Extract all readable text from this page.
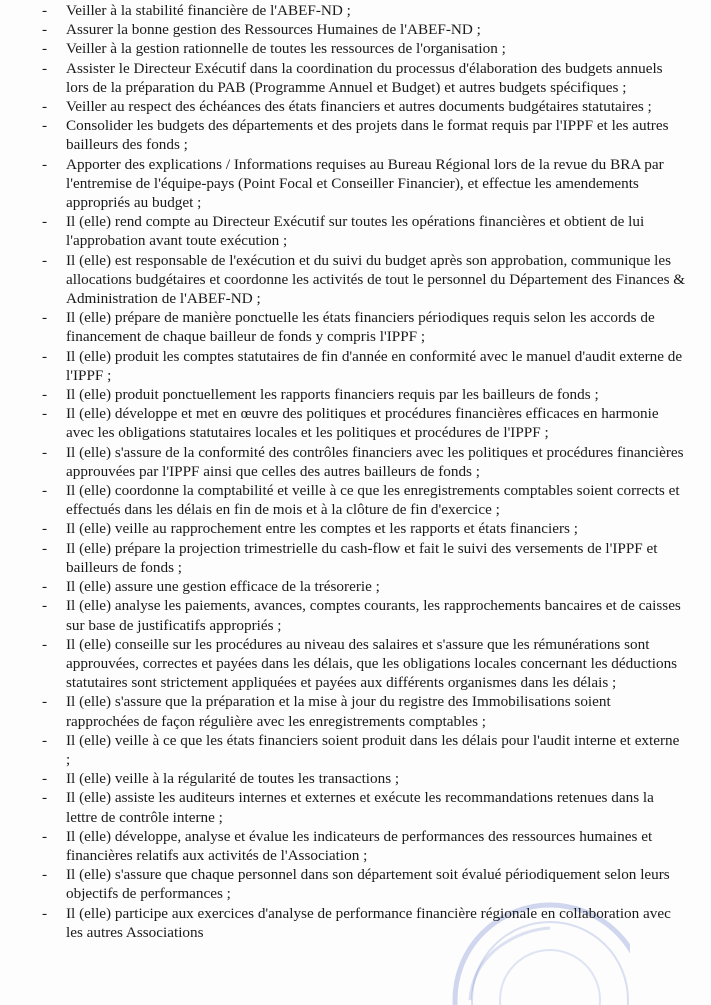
- Veiller à la stabilité financière de l'ABEF-ND ;
- Assurer la bonne gestion des Ressources Humaines de l'ABEF-ND ;
- Veiller à la gestion rationnelle de toutes les ressources de l'organisation ;
- Assister le Directeur Exécutif dans la coordination du processus d'élaboration des budgets annuels lors de la préparation du PAB (Programme Annuel et Budget) et autres budgets spécifiques ;
- Veiller au respect des échéances des états financiers et autres documents budgétaires statutaires ;
- Consolider les budgets des départements et des projets dans le format requis par l'IPPF et les autres bailleurs des fonds ;
- Apporter des explications / Informations requises au Bureau Régional lors de la revue du BRA par l'entremise de l'équipe-pays (Point Focal et Conseiller Financier), et effectue les amendements appropriés au budget ;
- Il (elle) rend compte au Directeur Exécutif sur toutes les opérations financières et obtient de lui l'approbation avant toute exécution ;
- Il (elle) est responsable de l'exécution et du suivi du budget après son approbation, communique les allocations budgétaires et coordonne les activités de tout le personnel du Département des Finances & Administration de l'ABEF-ND ;
- Il (elle) prépare de manière ponctuelle les états financiers périodiques requis selon les accords de financement de chaque bailleur de fonds y compris l'IPPF ;
- Il (elle) produit les comptes statutaires de fin d'année en conformité avec le manuel d'audit externe de l'IPPF ;
- Il (elle) produit ponctuellement les rapports financiers requis par les bailleurs de fonds ;
- Il (elle) développe et met en œuvre des politiques et procédures financières efficaces en harmonie avec les obligations statutaires locales et les politiques et procédures de l'IPPF ;
- Il (elle) s'assure de la conformité des contrôles financiers avec les politiques et procédures financières approuvées par l'IPPF ainsi que celles des autres bailleurs de fonds ;
- Il (elle) coordonne la comptabilité et veille à ce que les enregistrements comptables soient corrects et effectués dans les délais en fin de mois et à la clôture de fin d'exercice ;
- Il (elle) veille au rapprochement entre les comptes et les rapports et états financiers ;
- Il (elle) prépare la projection trimestrielle du cash-flow et fait le suivi des versements de l'IPPF et bailleurs de fonds ;
- Il (elle) assure une gestion efficace de la trésorerie ;
- Il (elle) analyse les paiements, avances, comptes courants, les rapprochements bancaires et de caisses sur base de justificatifs appropriés ;
- Il (elle) conseille sur les procédures au niveau des salaires et s'assure que les rémunérations sont approuvées, correctes et payées dans les délais, que les obligations locales concernant les déductions statutaires sont strictement appliquées et payées aux différents organismes dans les délais ;
- Il (elle) s'assure que la préparation et la mise à jour du registre des Immobilisations soient rapprochées de façon régulière avec les enregistrements comptables ;
- Il (elle) veille à ce que les états financiers soient produit dans les délais pour l'audit interne et externe ;
- Il (elle) veille à la régularité de toutes les transactions ;
- Il (elle) assiste les auditeurs internes et externes et exécute les recommandations retenues dans la lettre de contrôle interne ;
- Il (elle) développe, analyse et évalue les indicateurs de performances des ressources humaines et financières relatifs aux activités de l'Association ;
- Il (elle) s'assure que chaque personnel dans son département soit évalué périodiquement selon leurs objectifs de performances ;
- Il (elle) participe aux exercices d'analyse de performance financière régionale en collaboration avec les autres Associations
